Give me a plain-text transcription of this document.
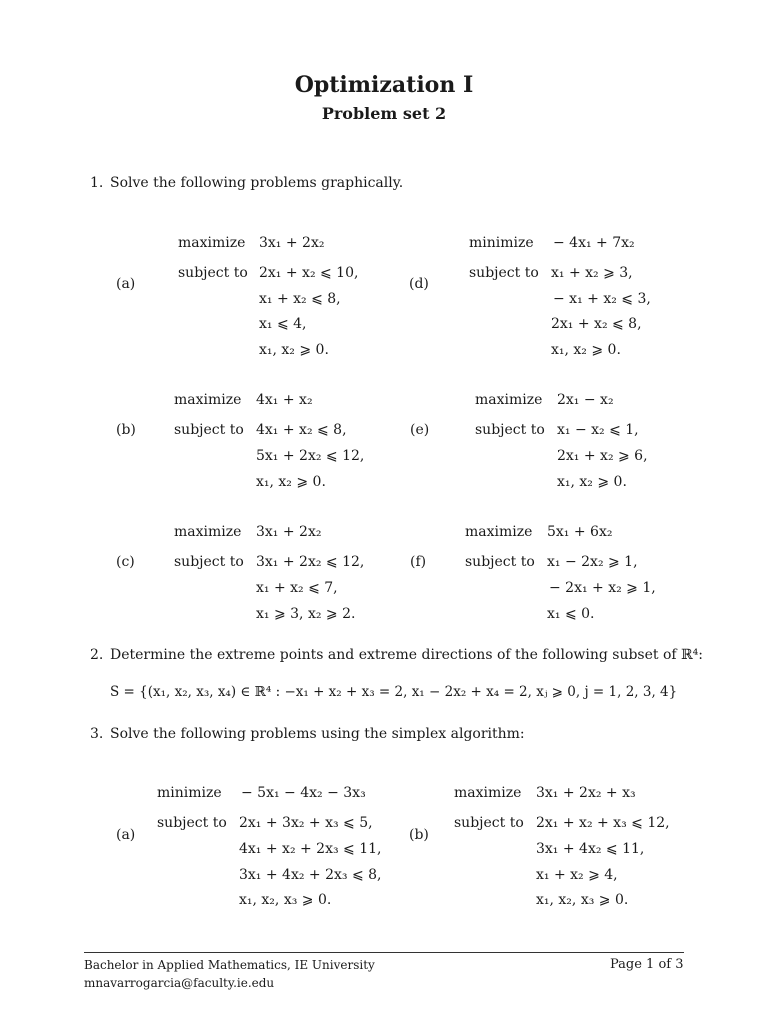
Optimization I
Problem set 2
1. Solve the following problems graphically.
(a)
maximize 3x₁ + 2x₂
subject to 2x₁ + x₂ ⩽ 10,
x₁ + x₂ ⩽ 8,
x₁ ⩽ 4,
x₁, x₂ ⩾ 0.
(d)
minimize − 4x₁ + 7x₂
subject to x₁ + x₂ ⩾ 3,
− x₁ + x₂ ⩽ 3,
2x₁ + x₂ ⩽ 8,
x₁, x₂ ⩾ 0.
(b)
maximize 4x₁ + x₂
subject to 4x₁ + x₂ ⩽ 8,
5x₁ + 2x₂ ⩽ 12,
x₁, x₂ ⩾ 0.
(e)
maximize 2x₁ − x₂
subject to x₁ − x₂ ⩽ 1,
2x₁ + x₂ ⩾ 6,
x₁, x₂ ⩾ 0.
(c)
maximize 3x₁ + 2x₂
subject to 3x₁ + 2x₂ ⩽ 12,
x₁ + x₂ ⩽ 7,
x₁ ⩾ 3, x₂ ⩾ 2.
(f)
maximize 5x₁ + 6x₂
subject to x₁ − 2x₂ ⩾ 1,
− 2x₁ + x₂ ⩾ 1,
x₁ ⩽ 0.
2. Determine the extreme points and extreme directions of the following subset of ℝ⁴:
S = {(x₁, x₂, x₃, x₄) ∈ ℝ⁴ : −x₁ + x₂ + x₃ = 2, x₁ − 2x₂ + x₄ = 2, xⱼ ⩾ 0, j = 1, 2, 3, 4}
3. Solve the following problems using the simplex algorithm:
(a)
minimize − 5x₁ − 4x₂ − 3x₃
subject to 2x₁ + 3x₂ + x₃ ⩽ 5,
4x₁ + x₂ + 2x₃ ⩽ 11,
3x₁ + 4x₂ + 2x₃ ⩽ 8,
x₁, x₂, x₃ ⩾ 0.
(b)
maximize 3x₁ + 2x₂ + x₃
subject to 2x₁ + x₂ + x₃ ⩽ 12,
3x₁ + 4x₂ ⩽ 11,
x₁ + x₂ ⩾ 4,
x₁, x₂, x₃ ⩾ 0.
Bachelor in Applied Mathematics, IE University
mnavarrogarcia@faculty.ie.edu
Page 1 of 3
